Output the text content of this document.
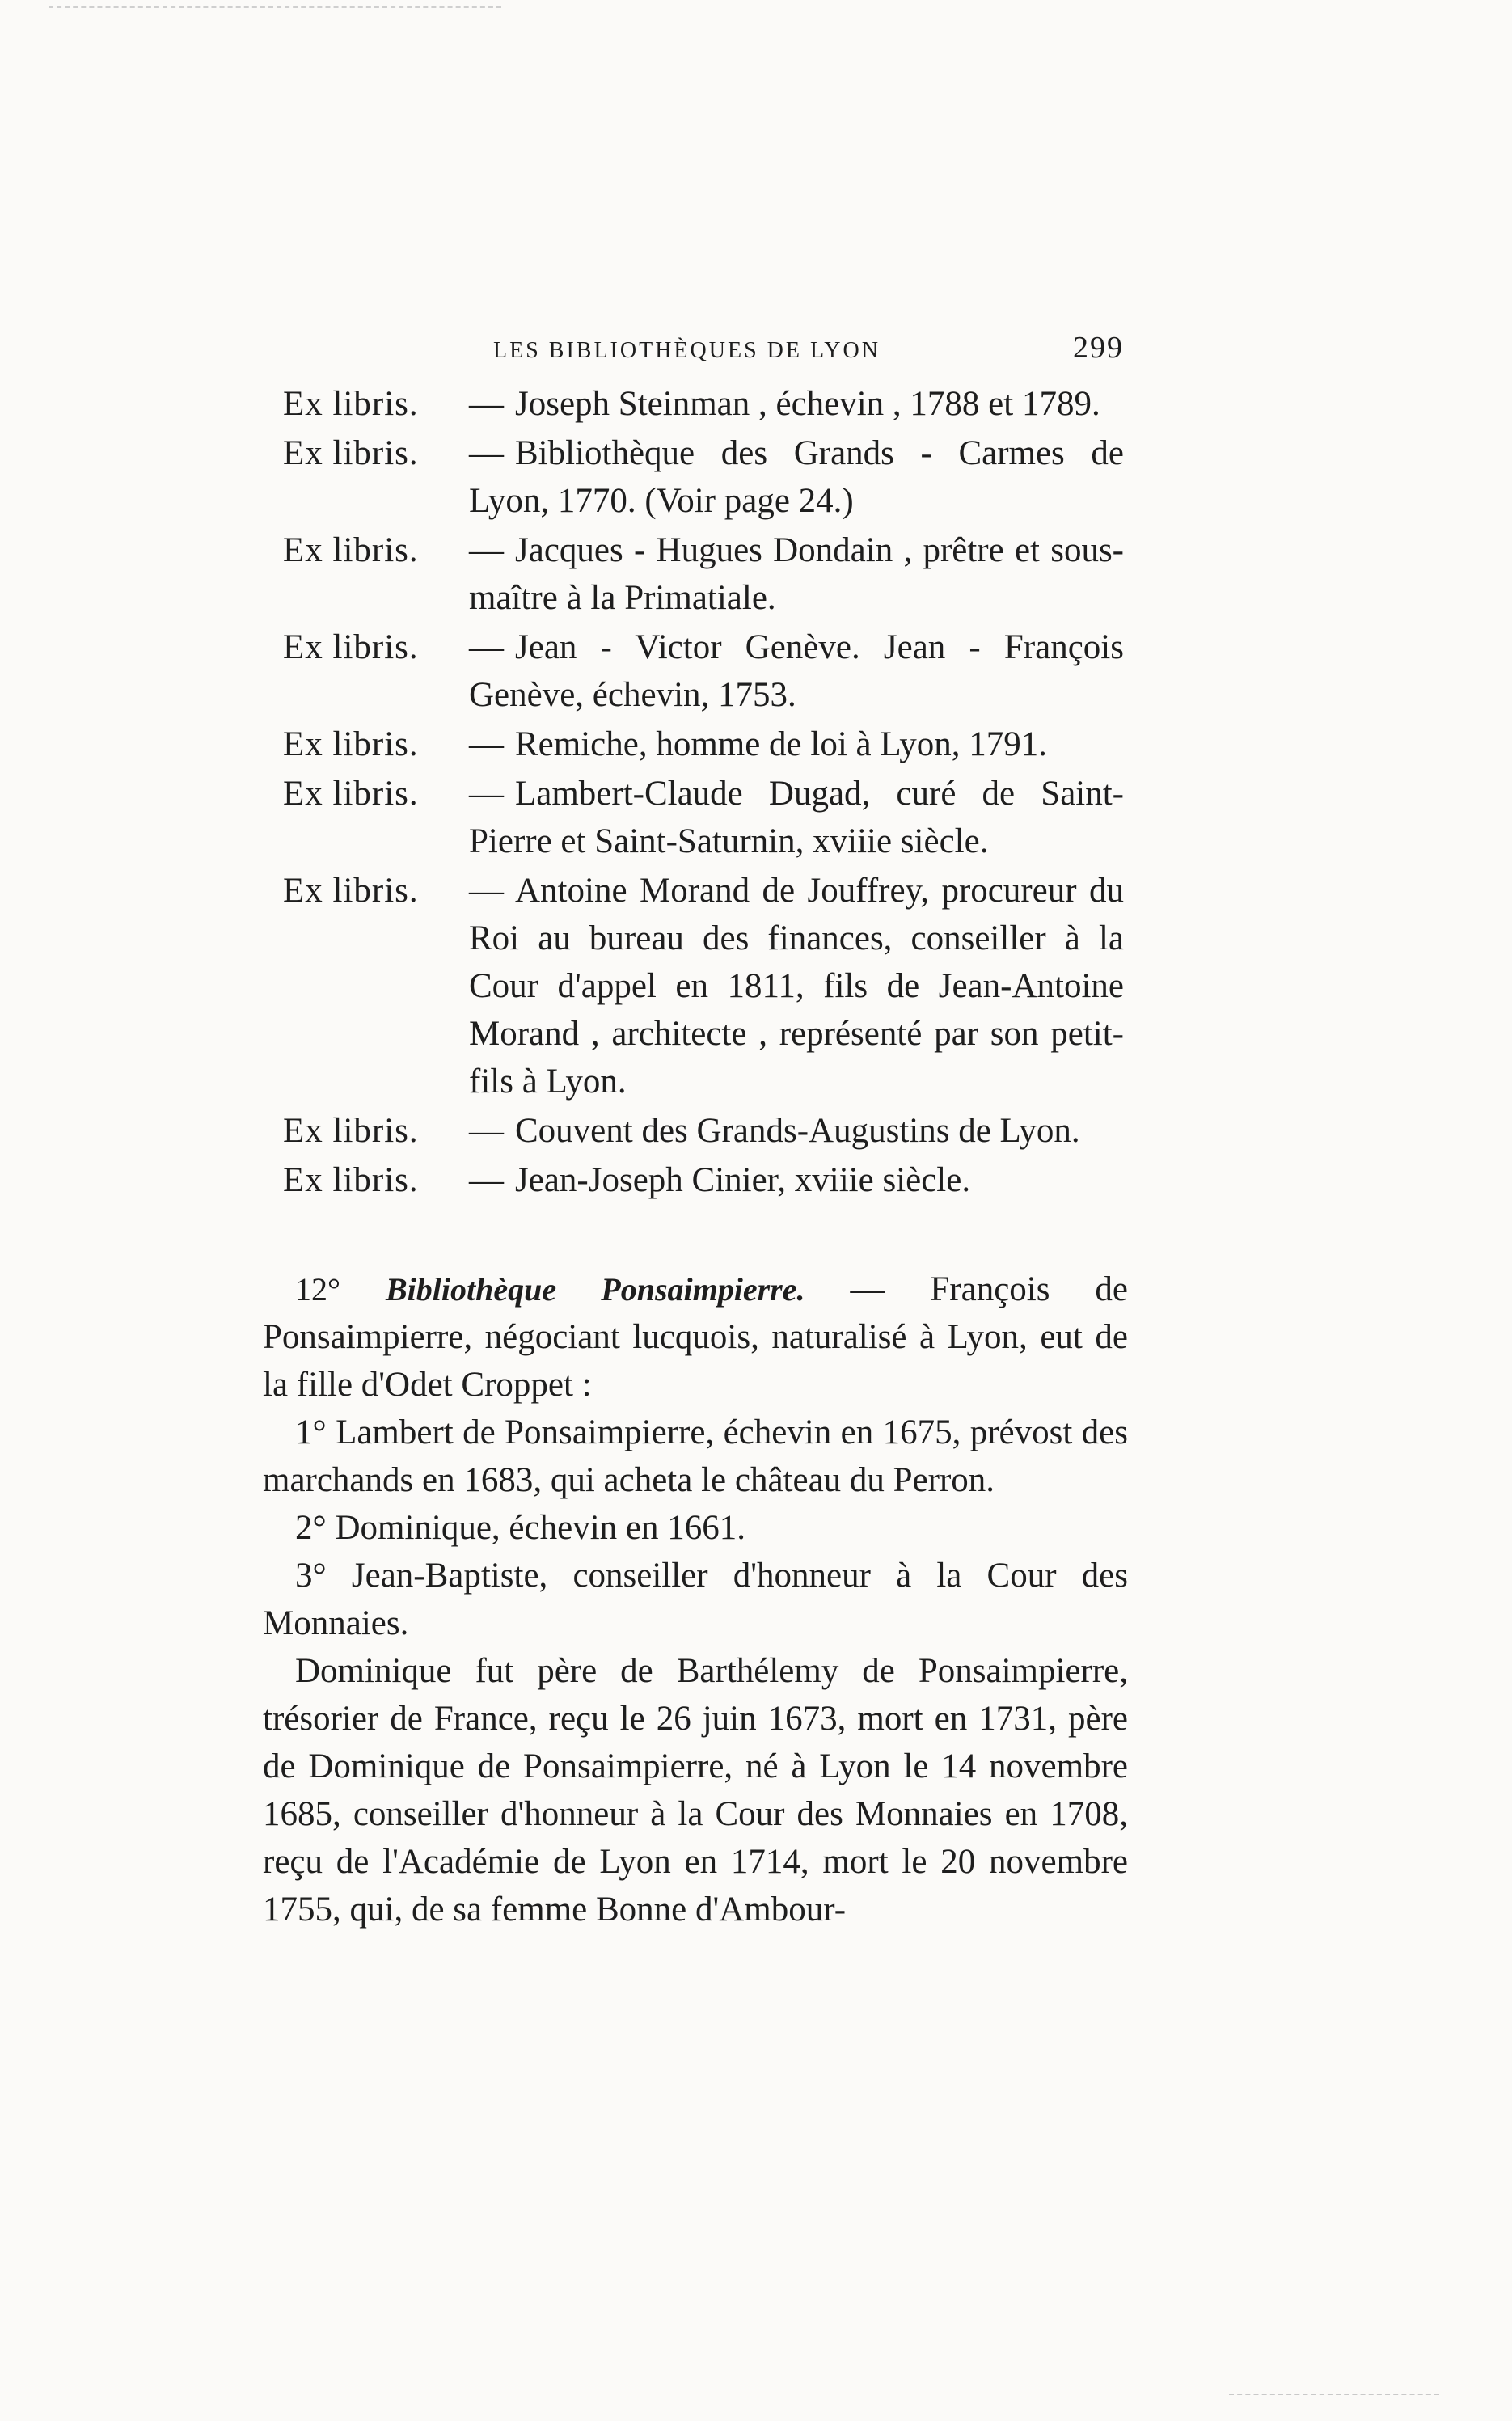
LES BIBLIOTHÈQUES DE LYON	299
Ex libris.	— Joseph Steinman , échevin , 1788 et 1789.
Ex libris.	— Bibliothèque des Grands - Carmes de Lyon, 1770. (Voir page 24.)
Ex libris.	— Jacques - Hugues Dondain , prêtre et sous-maître à la Primatiale.
Ex libris.	— Jean - Victor Genève. Jean - François Genève, échevin, 1753.
Ex libris.	— Remiche, homme de loi à Lyon, 1791.
Ex libris.	— Lambert-Claude Dugad, curé de Saint-Pierre et Saint-Saturnin, xviiie siècle.
Ex libris.	— Antoine Morand de Jouffrey, procureur du Roi au bureau des finances, conseiller à la Cour d'appel en 1811, fils de Jean-Antoine Morand , architecte , représenté par son petit-fils à Lyon.
Ex libris.	— Couvent des Grands-Augustins de Lyon.
Ex libris.	— Jean-Joseph Cinier, xviiie siècle.

12° Bibliothèque Ponsaimpierre. — François de Ponsaimpierre, négociant lucquois, naturalisé à Lyon, eut de la fille d'Odet Croppet :

1° Lambert de Ponsaimpierre, échevin en 1675, prévost des marchands en 1683, qui acheta le château du Perron.

2° Dominique, échevin en 1661.

3° Jean-Baptiste, conseiller d'honneur à la Cour des Monnaies.

Dominique fut père de Barthélemy de Ponsaimpierre, trésorier de France, reçu le 26 juin 1673, mort en 1731, père de Dominique de Ponsaimpierre, né à Lyon le 14 novembre 1685, conseiller d'honneur à la Cour des Monnaies en 1708, reçu de l'Académie de Lyon en 1714, mort le 20 novembre 1755, qui, de sa femme Bonne d'Ambour-
